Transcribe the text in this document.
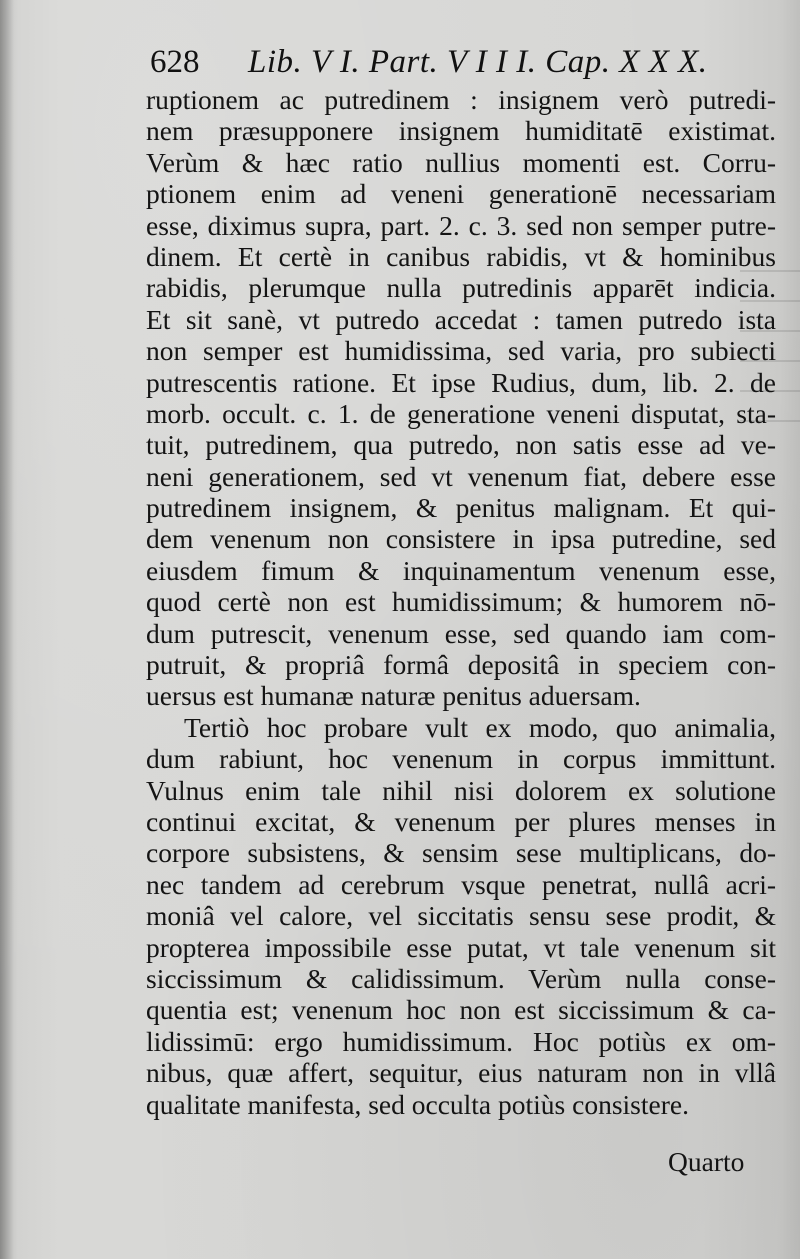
628 Lib. V I. Part. V I I I. Cap. X X X.
ruptionem ac putredinem : insignem verò putredi-
nem præsupponere insignem humiditatē existimat.
Verùm & hæc ratio nullius momenti est. Corru-
ptionem enim ad veneni generationē necessariam
esse, diximus supra, part. 2. c. 3. sed non semper putre-
dinem. Et certè in canibus rabidis, vt & hominibus
rabidis, plerumque nulla putredinis apparēt indicia.
Et sit sanè, vt putredo accedat : tamen putredo ista
non semper est humidissima, sed varia, pro subiecti
putrescentis ratione. Et ipse Rudius, dum, lib. 2. de
morb. occult. c. 1. de generatione veneni disputat, sta-
tuit, putredinem, qua putredo, non satis esse ad ve-
neni generationem, sed vt venenum fiat, debere esse
putredinem insignem, & penitus malignam. Et qui-
dem venenum non consistere in ipsa putredine, sed
eiusdem fimum & inquinamentum venenum esse,
quod certè non est humidissimum; & humorem nō-
dum putrescit, venenum esse, sed quando iam com-
putruit, & propriâ formâ depositâ in speciem con-
uersus est humanæ naturæ penitus aduersam.
Tertiò hoc probare vult ex modo, quo animalia,
dum rabiunt, hoc venenum in corpus immittunt.
Vulnus enim tale nihil nisi dolorem ex solutione
continui excitat, & venenum per plures menses in
corpore subsistens, & sensim sese multiplicans, do-
nec tandem ad cerebrum vsque penetrat, nullâ acri-
moniâ vel calore, vel siccitatis sensu sese prodit, &
propterea impossibile esse putat, vt tale venenum sit
siccissimum & calidissimum. Verùm nulla conse-
quentia est; venenum hoc non est siccissimum & ca-
lidissimū: ergo humidissimum. Hoc potiùs ex om-
nibus, quæ affert, sequitur, eius naturam non in vllâ
qualitate manifesta, sed occulta potiùs consistere.
Quarto
